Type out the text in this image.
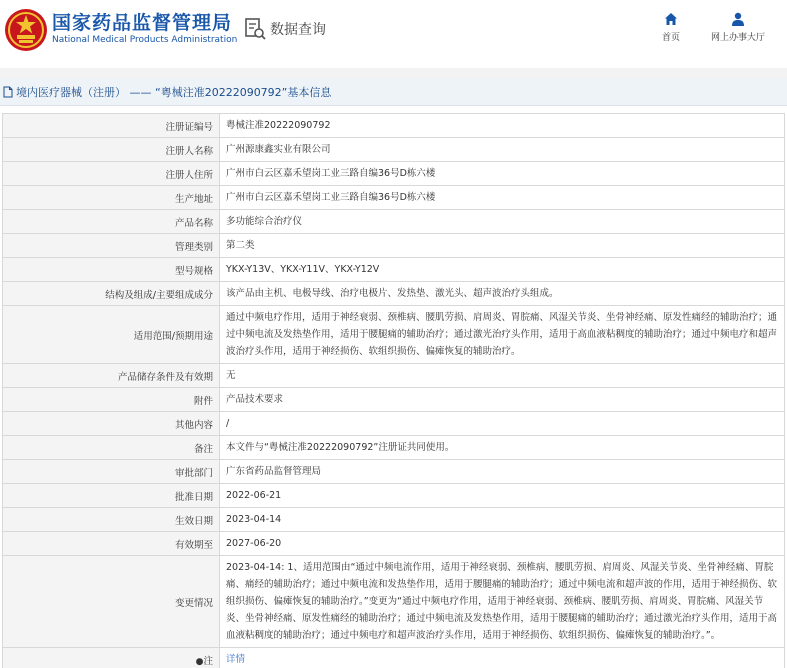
国家药品监督管理局
National Medical Products Administration
数据查询	首页	网上办事大厅
境内医疗器械（注册） —— “粤械注准20222090792”基本信息
注册证编号	粤械注准20222090792
注册人名称	广州源康鑫实业有限公司
注册人住所	广州市白云区嘉禾望岗工业三路自编36号D栋六楼
生产地址	广州市白云区嘉禾望岗工业三路自编36号D栋六楼
产品名称	多功能综合治疗仪
管理类别	第二类
型号规格	YKX-Y13V、YKX-Y11V、YKX-Y12V
结构及组成/主要组成成分	该产品由主机、电极导线、治疗电极片、发热垫、激光头、超声波治疗头组成。
适用范围/预期用途	通过中频电疗作用，适用于神经衰弱、颈椎病、腰肌劳损、肩周炎、胃脘痛、风湿关节炎、坐骨神经痛、原发性痛经的辅助治疗；通过中频电流及发热垫作用，适用于腰腿痛的辅助治疗；通过激光治疗头作用，适用于高血液粘稠度的辅助治疗；通过中频电疗和超声波治疗头作用，适用于神经损伤、软组织损伤、偏瘫恢复的辅助治疗。
产品储存条件及有效期	无
附件	产品技术要求
其他内容	/
备注	本文件与“粤械注准20222090792”注册证共同使用。
审批部门	广东省药品监督管理局
批准日期	2022-06-21
生效日期	2023-04-14
有效期至	2027-06-20
变更情况	2023-04-14: 1、适用范围由“通过中频电流作用，适用于神经衰弱、颈椎病、腰肌劳损、肩周炎、风湿关节炎、坐骨神经痛、胃脘痛、痛经的辅助治疗；通过中频电流和发热垫作用，适用于腰腿痛的辅助治疗；通过中频电流和超声波的作用，适用于神经损伤、软组织损伤、偏瘫恢复的辅助治疗。”变更为“通过中频电疗作用，适用于神经衰弱、颈椎病、腰肌劳损、肩周炎、胃脘痛、风湿关节炎、坐骨神经痛、原发性痛经的辅助治疗；通过中频电流及发热垫作用，适用于腰腿痛的辅助治疗；通过激光治疗头作用，适用于高血液粘稠度的辅助治疗；通过中频电疗和超声波治疗头作用，适用于神经损伤、软组织损伤、偏瘫恢复的辅助治疗。”。
●注	详情
